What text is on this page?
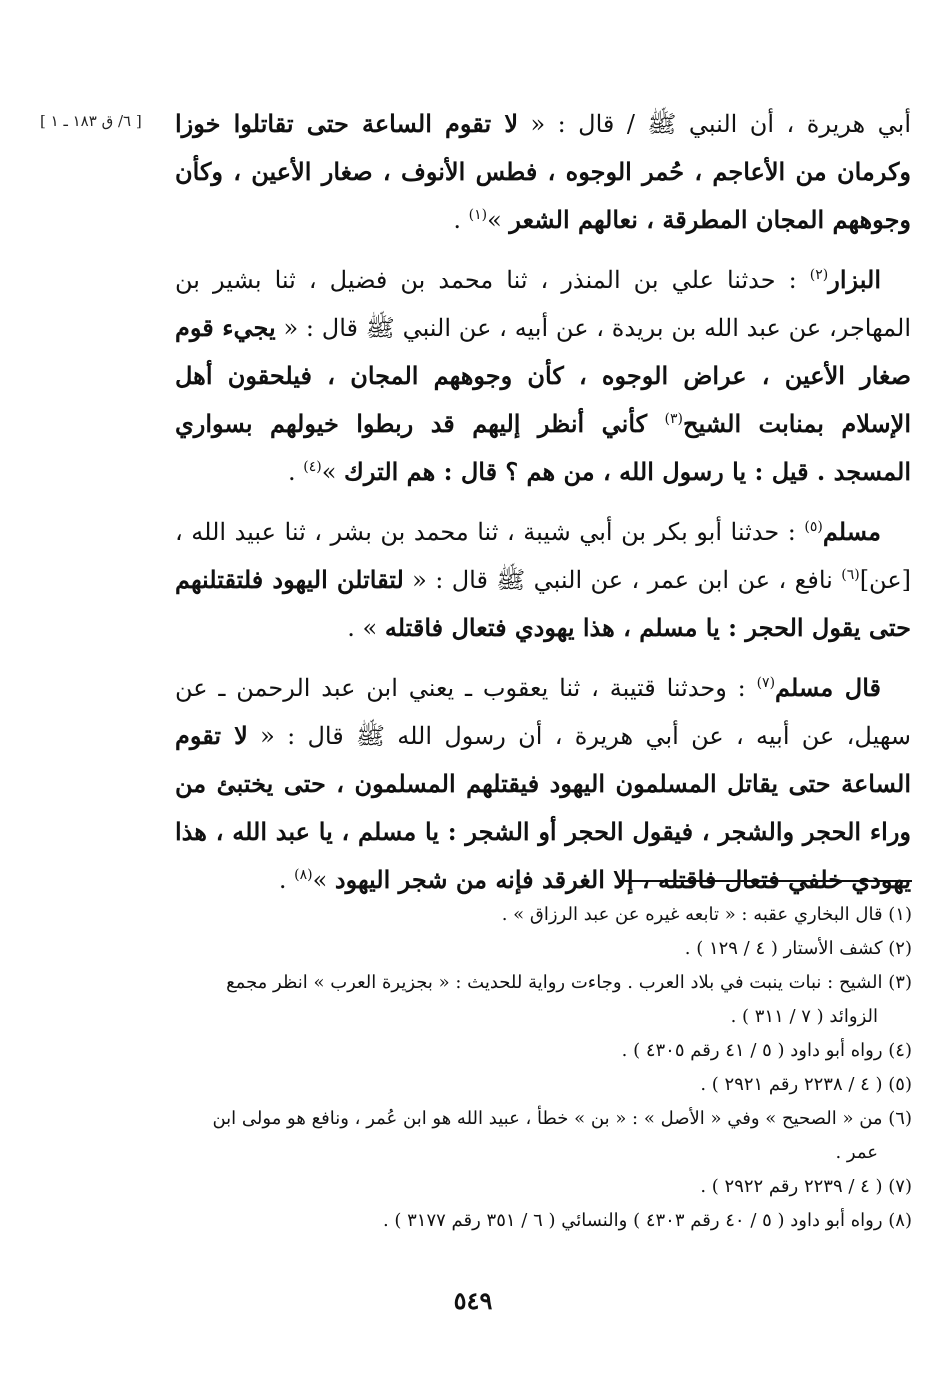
[ ٦/ ق ١٨٣ ـ ١ ]	أبي هريرة ، أن النبي ﷺ / قال : « لا تقوم الساعة حتى تقاتلوا خوزا وكرمان من الأعاجم ، حُمر الوجوه ، فطس الأنوف ، صغار الأعين ، وكأن وجوههم المجان المطرقة ، نعالهم الشعر »$^{(١)}$ .

البزار$^{(٢)}$ : حدثنا علي بن المنذر ، ثنا محمد بن فضيل ، ثنا بشير بن المهاجر، عن عبد الله بن بريدة ، عن أبيه ، عن النبي ﷺ قال : « يجيء قوم صغار الأعين ، عراض الوجوه ، كأن وجوههم المجان ، فيلحقون أهل الإسلام بمنابت الشيح$^{(٣)}$ كأني أنظر إليهم قد ربطوا خيولهم بسواري المسجد . قيل : يا رسول الله ، من هم ؟ قال : هم الترك »$^{(٤)}$ .

مسلم$^{(٥)}$ : حدثنا أبو بكر بن أبي شيبة ، ثنا محمد بن بشر ، ثنا عبيد الله ، [عن]$^{(٦)}$ نافع ، عن ابن عمر ، عن النبي ﷺ قال : « لتقاتلن اليهود فلتقتلنهم حتى يقول الحجر : يا مسلم ، هذا يهودي فتعال فاقتله » .

قال مسلم$^{(٧)}$ : وحدثنا قتيبة ، ثنا يعقوب ـ يعني ابن عبد الرحمن ـ عن سهيل، عن أبيه ، عن أبي هريرة ، أن رسول الله ﷺ قال : « لا تقوم الساعة حتى يقاتل المسلمون اليهود فيقتلهم المسلمون ، حتى يختبئ من وراء الحجر والشجر ، فيقول الحجر أو الشجر : يا مسلم ، يا عبد الله ، هذا يهودي خلفي فتعال فاقتله ، إلا الغرقد فإنه من شجر اليهود »$^{(٨)}$ .

(١) قال البخاري عقبه : « تابعه غيره عن عبد الرزاق » .

(٢) كشف الأستار ( ٤ / ١٢٩ ) .

(٣) الشيح : نبات ينبت في بلاد العرب . وجاءت رواية للحديث : « بجزيرة العرب » انظر مجمع الزوائد ( ٧ / ٣١١ ) .

(٤) رواه أبو داود ( ٥ / ٤١ رقم ٤٣٠٥ ) .

(٥) ( ٤ / ٢٢٣٨ رقم ٢٩٢١ ) .

(٦) من « الصحيح » وفي « الأصل » : « بن » خطأ ، عبيد الله هو ابن عُمر ، ونافع هو مولى ابن عمر .

(٧) ( ٤ / ٢٢٣٩ رقم ٢٩٢٢ ) .

(٨) رواه أبو داود ( ٥ / ٤٠ رقم ٤٣٠٣ ) والنسائي ( ٦ / ٣٥١ رقم ٣١٧٧ ) .

٥٤٩
